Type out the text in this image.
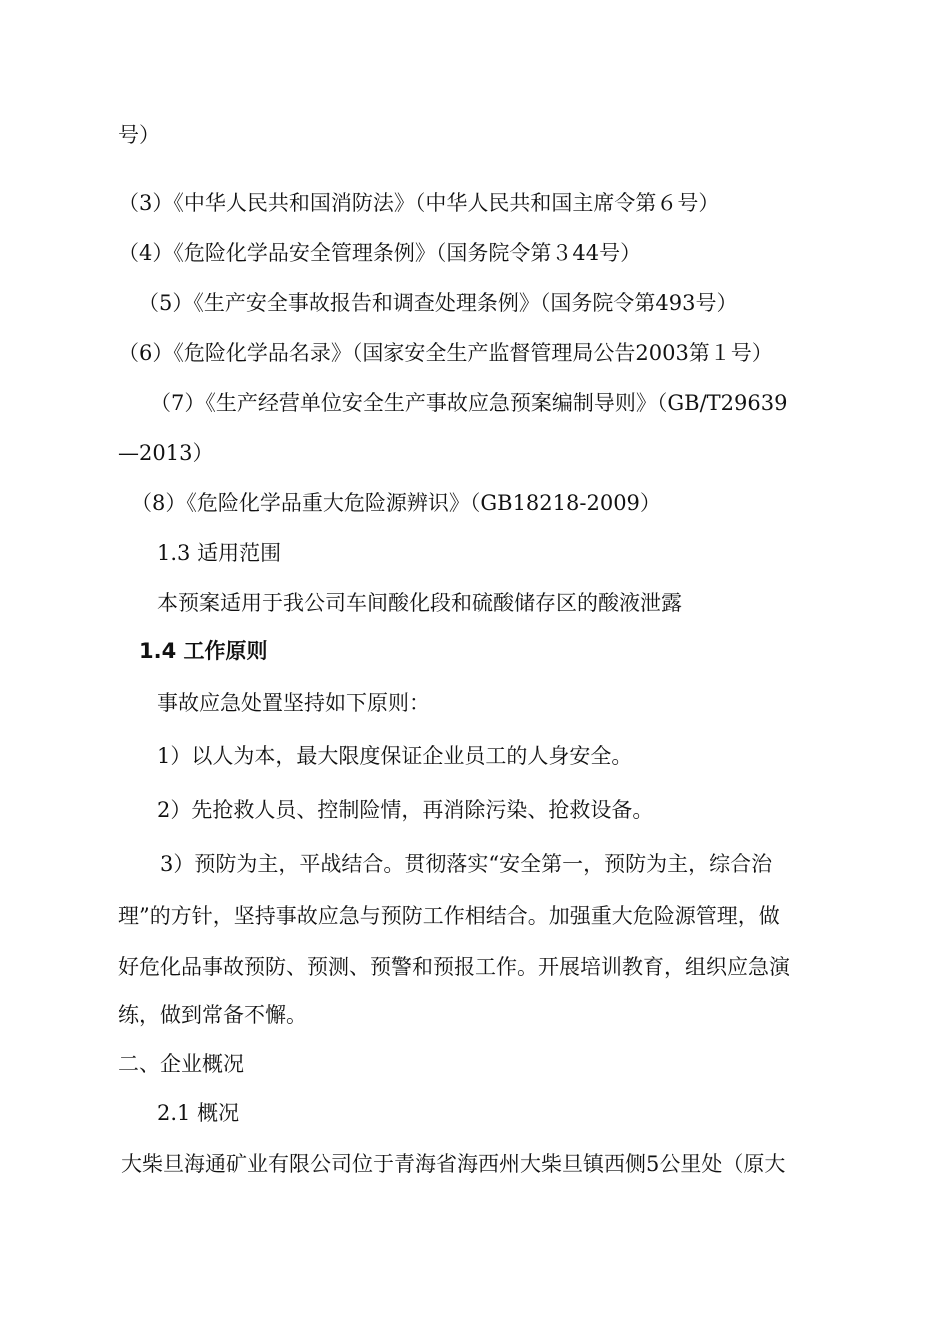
号）
（3）《中华人民共和国消防法》（中华人民共和国主席令第６号）
（4）《危险化学品安全管理条例》（国务院令第３44号）
（5）《生产安全事故报告和调查处理条例》（国务院令第493号）
（6）《危险化学品名录》（国家安全生产监督管理局公告2003第１号）
（7）《生产经营单位安全生产事故应急预案编制导则》（GB/T29639
—2013）
（8）《危险化学品重大危险源辨识》（GB18218-2009）
1.3 适用范围
本预案适用于我公司车间酸化段和硫酸储存区的酸液泄露
1.4 工作原则
事故应急处置坚持如下原则：
1）以人为本，最大限度保证企业员工的人身安全。
2）先抢救人员、控制险情，再消除污染、抢救设备。
3）预防为主，平战结合。贯彻落实“安全第一，预防为主，综合治
理”的方针，坚持事故应急与预防工作相结合。加强重大危险源管理，做
好危化品事故预防、预测、预警和预报工作。开展培训教育，组织应急演
练，做到常备不懈。
二、企业概况
2.1 概况
大柴旦海通矿业有限公司位于青海省海西州大柴旦镇西侧5公里处（原大
